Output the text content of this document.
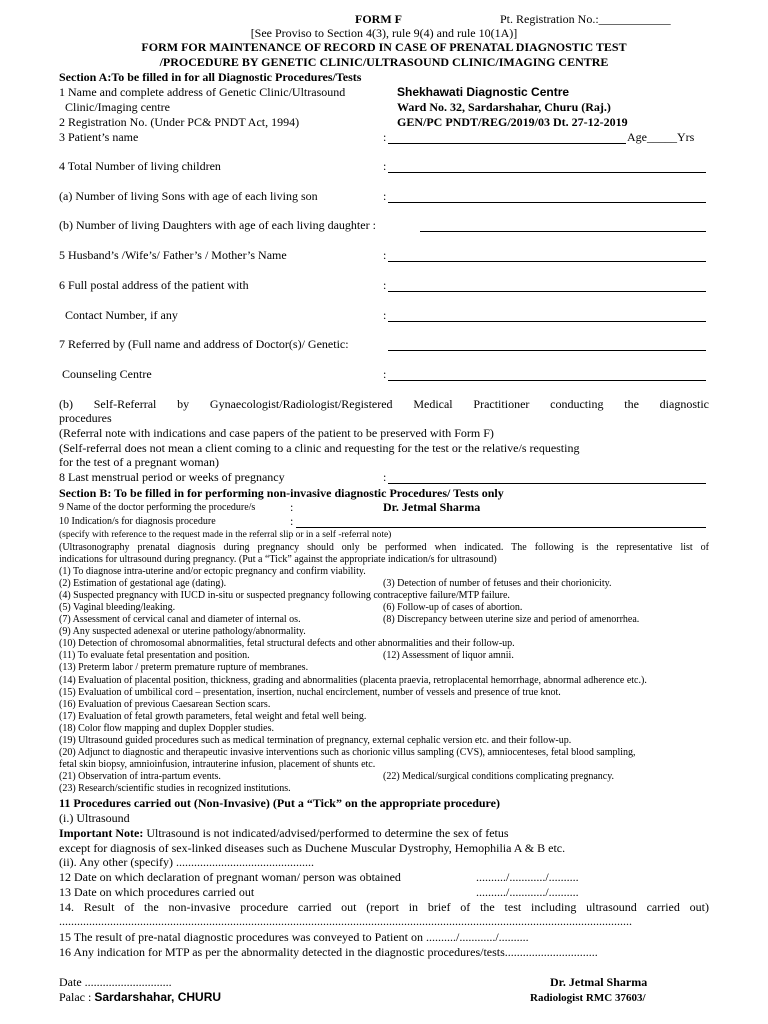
FORM F	Pt. Registration No.:____________
[See Proviso to Section 4(3), rule 9(4) and rule 10(1A)]
FORM FOR MAINTENANCE OF RECORD IN CASE OF PRENATAL DIAGNOSTIC TEST
/PROCEDURE BY GENETIC CLINIC/ULTRASOUND CLINIC/IMAGING CENTRE
Section A:To be filled in for all Diagnostic Procedures/Tests
1 Name and complete address of Genetic Clinic/Ultrasound	Shekhawati Diagnostic Centre
Clinic/Imaging centre	Ward No. 32, Sardarshahar, Churu (Raj.)
2 Registration No. (Under PC& PNDT Act, 1994)	GEN/PC PNDT/REG/2019/03 Dt. 27-12-2019
3 Patient’s name	:	Age_____Yrs
4 Total Number of living children	:
(a) Number of living Sons with age of each living son	:
(b) Number of living Daughters with age of each living daughter :
5 Husband’s /Wife’s/ Father’s / Mother’s Name	:
6 Full postal address of the patient with	:
Contact Number, if any	:
7 Referred by (Full name and address of Doctor(s)/ Genetic:
Counseling Centre	:
(b) Self-Referral by Gynaecologist/Radiologist/Registered Medical Practitioner conducting the diagnostic
procedures
(Referral note with indications and case papers of the patient to be preserved with Form F)
(Self-referral does not mean a client coming to a clinic and requesting for the test or the relative/s requesting
for the test of a pregnant woman)
8 Last menstrual period or weeks of pregnancy	:
Section B: To be filled in for performing non-invasive diagnostic Procedures/ Tests only
9 Name of the doctor performing the procedure/s	:	Dr. Jetmal Sharma
10 Indication/s for diagnosis procedure	:
(specify with reference to the request made in the referral slip or in a self -referral note)
(Ultrasonography prenatal diagnosis during pregnancy should only be performed when indicated. The following is the representative list of
indications for ultrasound during pregnancy. (Put a “Tick” against the appropriate indication/s for ultrasound)
(1) To diagnose intra-uterine and/or ectopic pregnancy and confirm viability.
(2) Estimation of gestational age (dating).	(3) Detection of number of fetuses and their chorionicity.
(4) Suspected pregnancy with IUCD in-situ or suspected pregnancy following contraceptive failure/MTP failure.
(5) Vaginal bleeding/leaking.	(6) Follow-up of cases of abortion.
(7) Assessment of cervical canal and diameter of internal os.	(8) Discrepancy between uterine size and period of amenorrhea.
(9) Any suspected adenexal or uterine pathology/abnormality.
(10) Detection of chromosomal abnormalities, fetal structural defects and other abnormalities and their follow-up.
(11) To evaluate fetal presentation and position.	(12) Assessment of liquor amnii.
(13) Preterm labor / preterm premature rupture of membranes.
(14) Evaluation of placental position, thickness, grading and abnormalities (placenta praevia, retroplacental hemorrhage, abnormal adherence etc.).
(15) Evaluation of umbilical cord – presentation, insertion, nuchal encirclement, number of vessels and presence of true knot.
(16) Evaluation of previous Caesarean Section scars.
(17) Evaluation of fetal growth parameters, fetal weight and fetal well being.
(18) Color flow mapping and duplex Doppler studies.
(19) Ultrasound guided procedures such as medical termination of pregnancy, external cephalic version etc. and their follow-up.
(20) Adjunct to diagnostic and therapeutic invasive interventions such as chorionic villus sampling (CVS), amniocenteses, fetal blood sampling,
fetal skin biopsy, amnioinfusion, intrauterine infusion, placement of shunts etc.
(21) Observation of intra-partum events.	(22) Medical/surgical conditions complicating pregnancy.
(23) Research/scientific studies in recognized institutions.
11 Procedures carried out (Non-Invasive) (Put a “Tick” on the appropriate procedure)
(i.) Ultrasound
Important Note: Ultrasound is not indicated/advised/performed to determine the sex of fetus
except for diagnosis of sex-linked diseases such as Duchene Muscular Dystrophy, Hemophilia A & B etc.
(ii). Any other (specify) ..............................................
12 Date on which declaration of pregnant woman/ person was obtained	........../............/..........
13 Date on which procedures carried out	........../............/..........
14. Result of the non-invasive procedure carried out (report in brief of the test including ultrasound carried out)
...............................................................................................................................................................................................
15 The result of pre-natal diagnostic procedures was conveyed to Patient on ........../............/..........
16 Any indication for MTP as per the abnormality detected in the diagnostic procedures/tests...............................
Date .............................
Palac : Sardarshahar, CHURU
Dr. Jetmal Sharma
Radiologist RMC 37603/
